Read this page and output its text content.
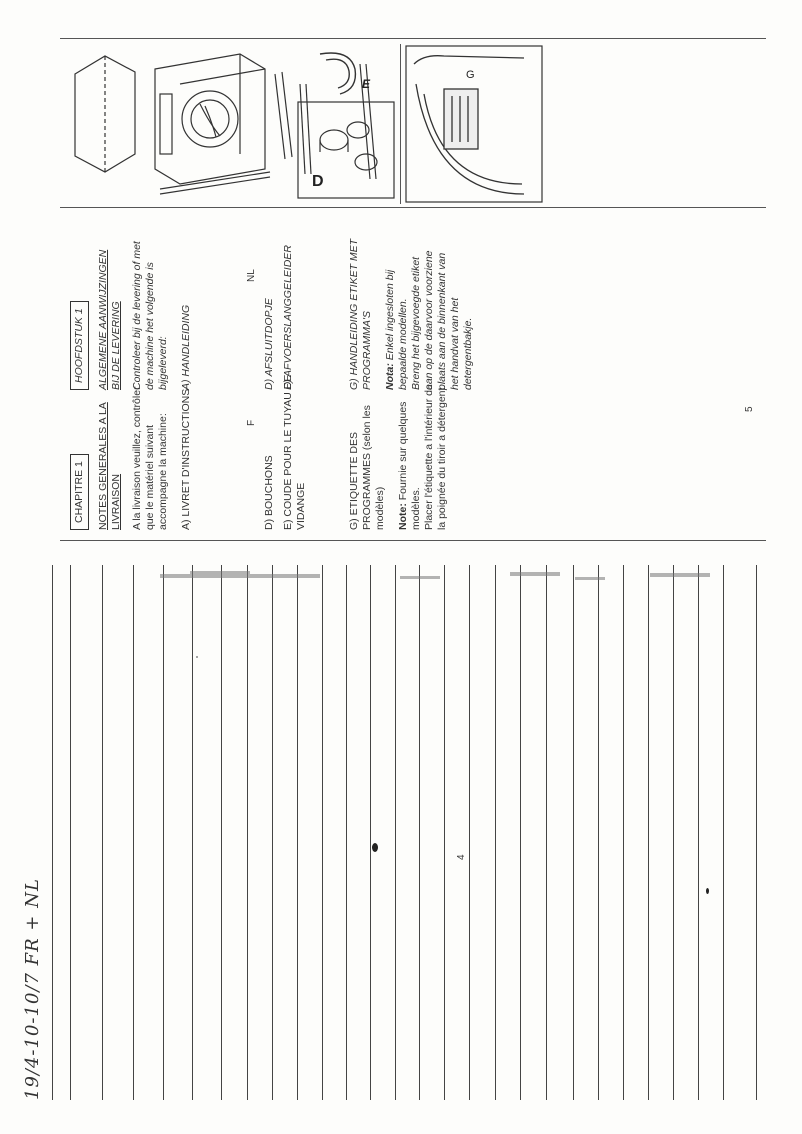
19/4-10-10/7 FR + NL
4
5
F
NL
CHAPITRE 1	NOTES GENERALES A LA LIVRAISON A la livraison veuillez, contrôler que le matériel suivant accompagne la machine: A) LIVRET D'INSTRUCTIONS	D) BOUCHONS E) COUDE POUR LE TUYAU DE VIDANGE	G) ETIQUETTE DES PROGRAMMES (selon les modèles) Note: Fournie sur quelques
modèles. Placer l'étiquette a l'intérieur de la poignée du tiroir a détergent.
HOOFDSTUK 1	ALGEMENE AANWIJZINGEN BIJ DE LEVERING Controleer bij de levering of met de machine het volgende is bijgeleverd: A) HANDLEIDING	D) AFSLUITDOPJE E) AFVOERSLANGGELEIDER	G) HANDLEIDING ETIKET MET PROGRAMMA'S Nota: Enkel ingesloten bij bepaalde modellen. Breng het bijgevoegde etiket aan op de daarvoor voorziene plaats aan de binnenkant van het handvat van het detergentbakje.
D
E
G
